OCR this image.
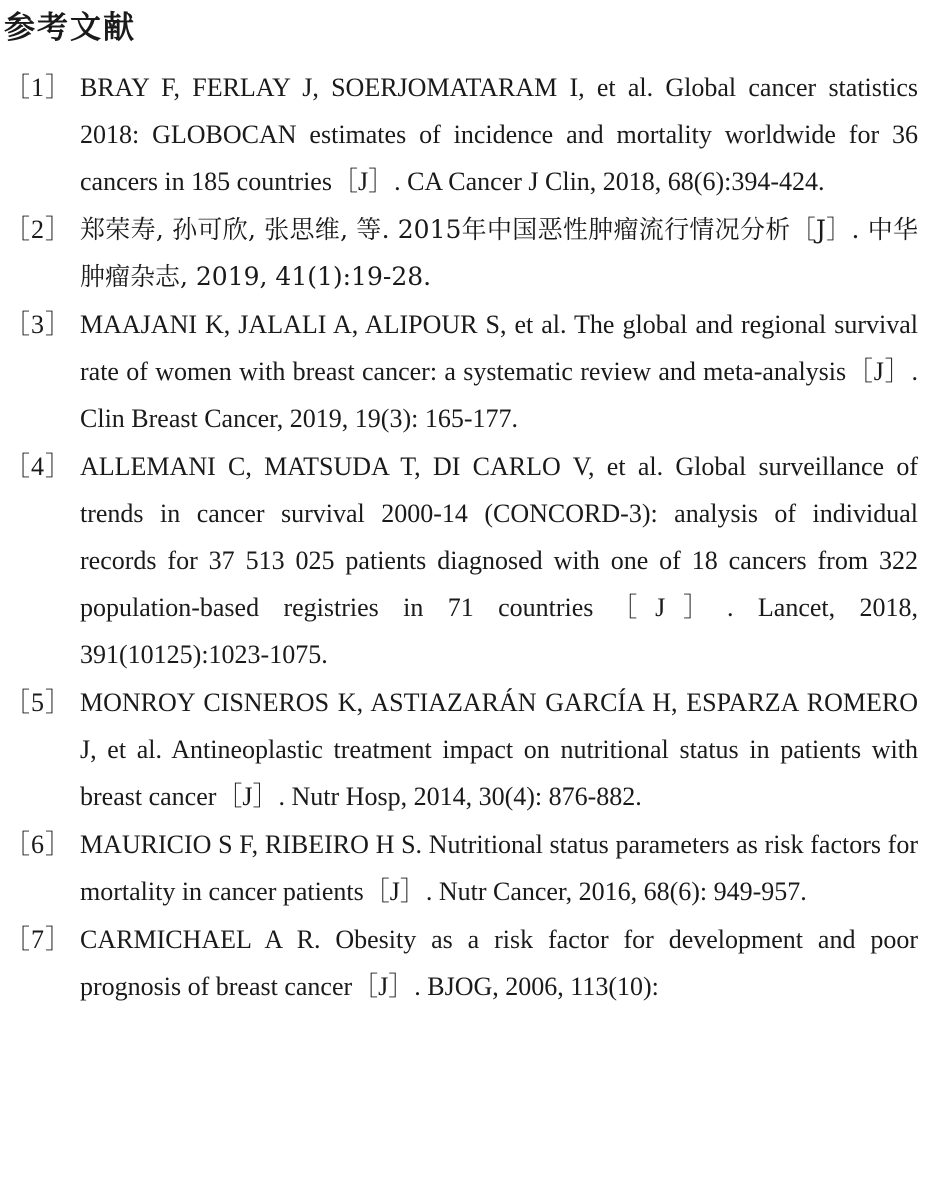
参考文献
［1］ BRAY F, FERLAY J, SOERJOMATARAM I, et al. Global cancer statistics 2018: GLOBOCAN estimates of incidence and mortality worldwide for 36 cancers in 185 countries［J］. CA Cancer J Clin, 2018, 68(6):394-424.
［2］ 郑荣寿, 孙可欣, 张思维, 等. 2015年中国恶性肿瘤流行情况分析［J］. 中华肿瘤杂志, 2019, 41(1):19-28.
［3］ MAAJANI K, JALALI A, ALIPOUR S, et al. The global and regional survival rate of women with breast cancer: a systematic review and meta-analysis［J］. Clin Breast Cancer, 2019, 19(3): 165-177.
［4］ ALLEMANI C, MATSUDA T, DI CARLO V, et al. Global surveillance of trends in cancer survival 2000-14 (CONCORD-3): analysis of individual records for 37 513 025 patients diagnosed with one of 18 cancers from 322 population-based registries in 71 countries［J］. Lancet, 2018, 391(10125):1023-1075.
［5］ MONROY CISNEROS K, ASTIAZARÁN GARCÍA H, ESPARZA ROMERO J, et al. Antineoplastic treatment impact on nutritional status in patients with breast cancer［J］. Nutr Hosp, 2014, 30(4): 876-882.
［6］ MAURICIO S F, RIBEIRO H S. Nutritional status parameters as risk factors for mortality in cancer patients［J］. Nutr Cancer, 2016, 68(6): 949-957.
［7］ CARMICHAEL A R. Obesity as a risk factor for development and poor prognosis of breast cancer［J］. BJOG, 2006, 113(10):
